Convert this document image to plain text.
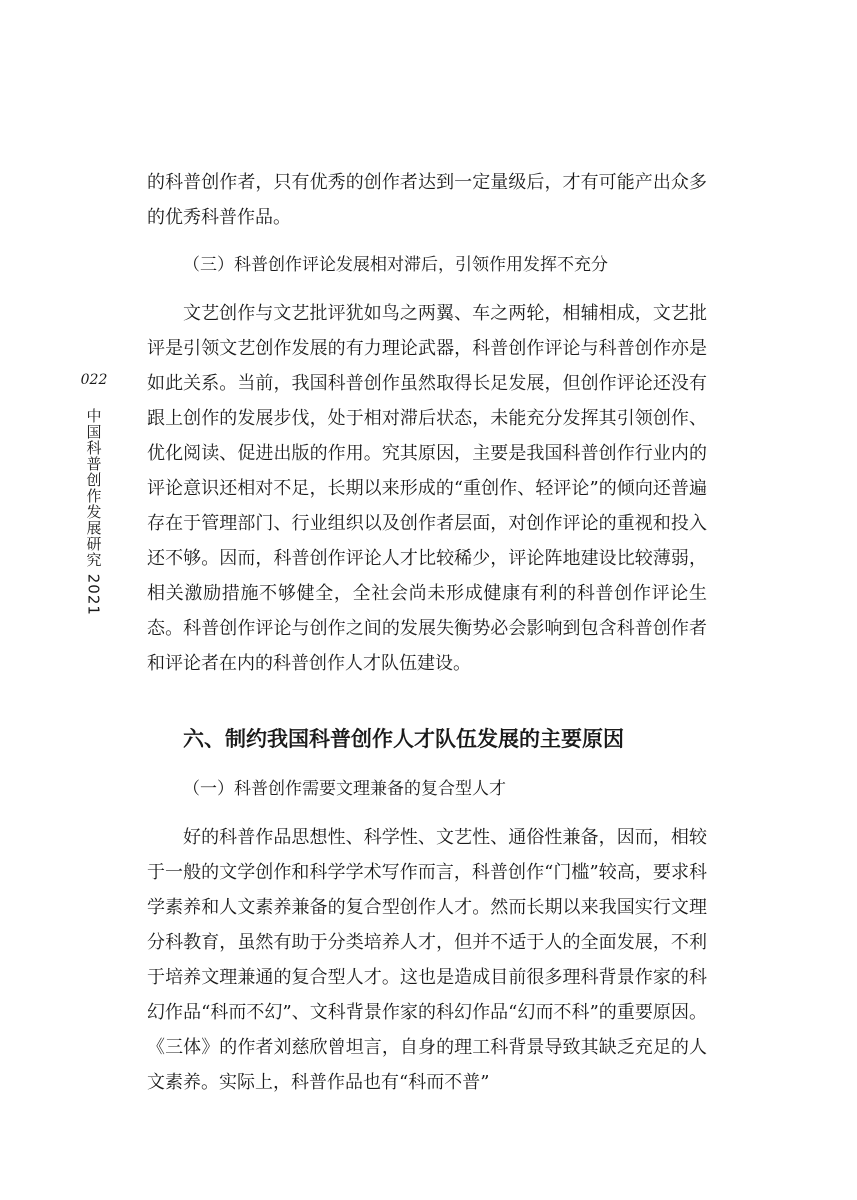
022
中国科普创作发展研究 2021

的科普创作者，只有优秀的创作者达到一定量级后，才有可能产出众多的优秀科普作品。

（三）科普创作评论发展相对滞后，引领作用发挥不充分

文艺创作与文艺批评犹如鸟之两翼、车之两轮，相辅相成，文艺批评是引领文艺创作发展的有力理论武器，科普创作评论与科普创作亦是如此关系。当前，我国科普创作虽然取得长足发展，但创作评论还没有跟上创作的发展步伐，处于相对滞后状态，未能充分发挥其引领创作、优化阅读、促进出版的作用。究其原因，主要是我国科普创作行业内的评论意识还相对不足，长期以来形成的“重创作、轻评论”的倾向还普遍存在于管理部门、行业组织以及创作者层面，对创作评论的重视和投入还不够。因而，科普创作评论人才比较稀少，评论阵地建设比较薄弱，相关激励措施不够健全，全社会尚未形成健康有利的科普创作评论生态。科普创作评论与创作之间的发展失衡势必会影响到包含科普创作者和评论者在内的科普创作人才队伍建设。

六、制约我国科普创作人才队伍发展的主要原因

（一）科普创作需要文理兼备的复合型人才

好的科普作品思想性、科学性、文艺性、通俗性兼备，因而，相较于一般的文学创作和科学学术写作而言，科普创作“门槛”较高，要求科学素养和人文素养兼备的复合型创作人才。然而长期以来我国实行文理分科教育，虽然有助于分类培养人才，但并不适于人的全面发展，不利于培养文理兼通的复合型人才。这也是造成目前很多理科背景作家的科幻作品“科而不幻”、文科背景作家的科幻作品“幻而不科”的重要原因。《三体》的作者刘慈欣曾坦言，自身的理工科背景导致其缺乏充足的人文素养。实际上，科普作品也有“科而不普”
